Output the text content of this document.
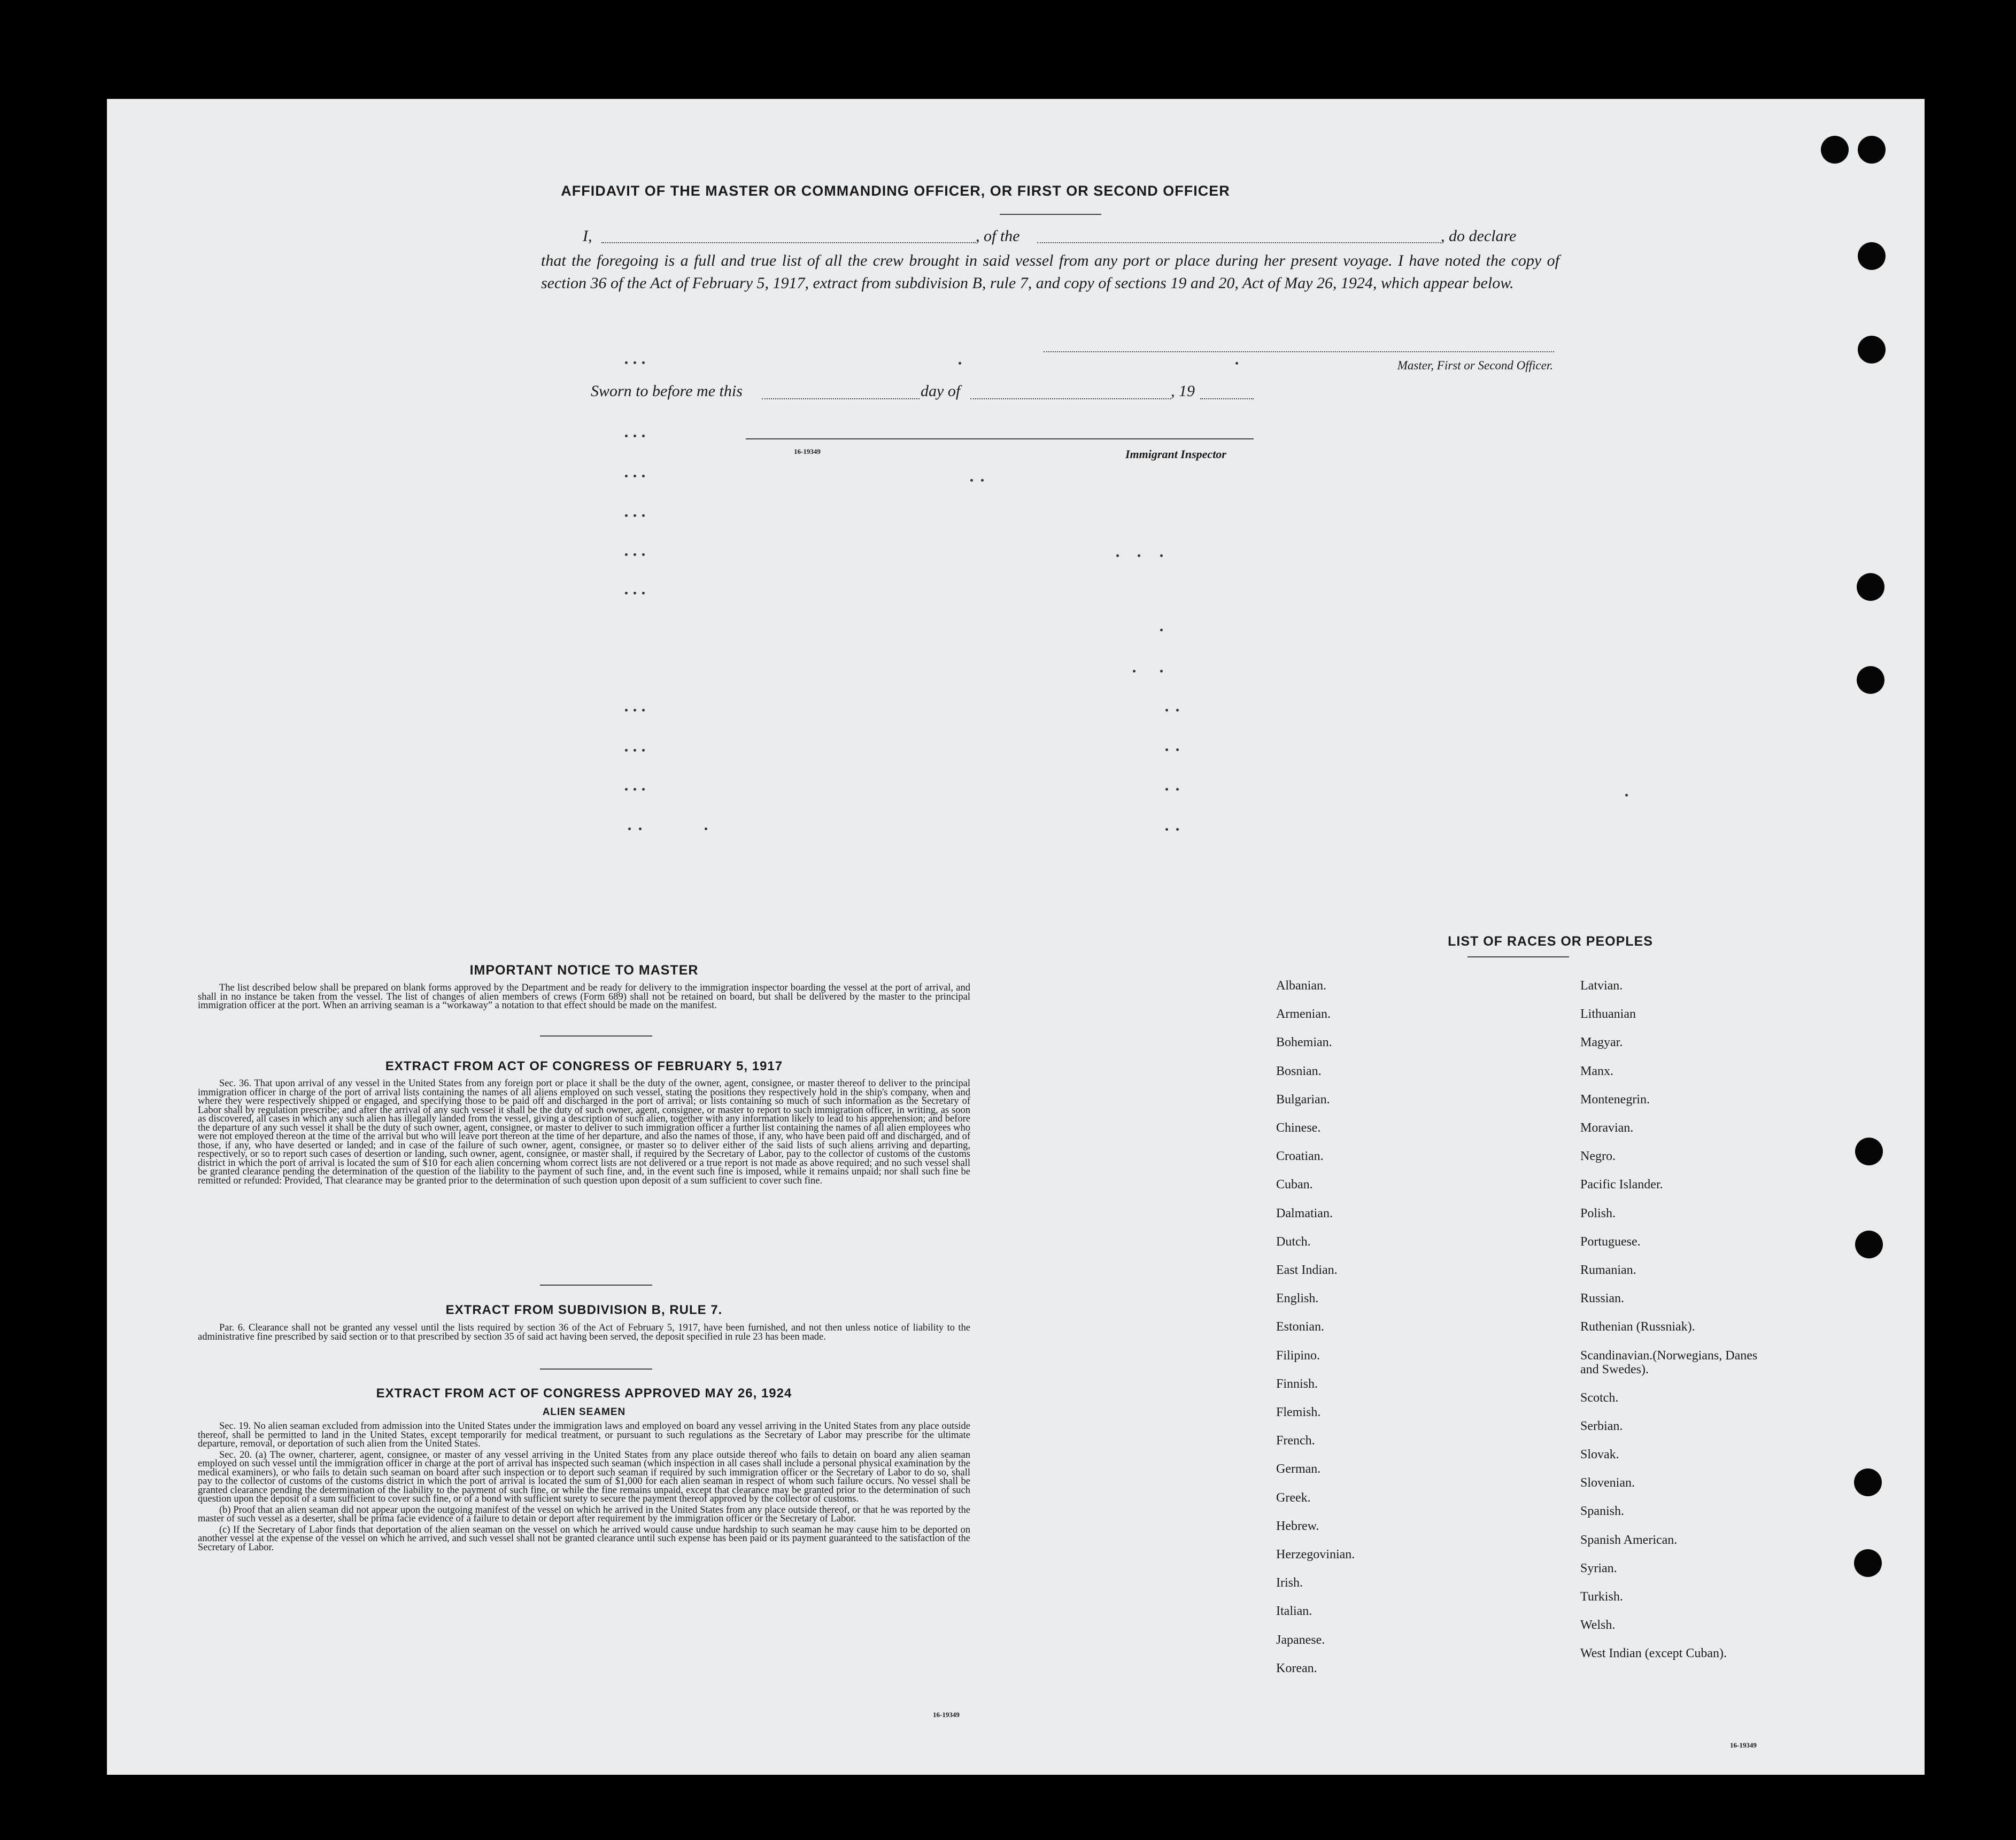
AFFIDAVIT OF THE MASTER OR COMMANDING OFFICER, OR FIRST OR SECOND OFFICER
I,	, of the	, do declare
that the foregoing is a full and true list of all the crew brought in said vessel from any port or place during her present voyage. I have noted the copy of section 36 of the Act of February 5, 1917, extract from subdivision B, rule 7, and copy of sections 19 and 20, Act of May 26, 1924, which appear below.
Master, First or Second Officer.
Sworn to before me this	day of	, 19
16-19349	Immigrant Inspector
IMPORTANT NOTICE TO MASTER
The list described below shall be prepared on blank forms approved by the Department and be ready for delivery to the immigration inspector boarding the vessel at the port of arrival, and shall in no instance be taken from the vessel. The list of changes of alien members of crews (Form 689) shall not be retained on board, but shall be delivered by the master to the principal immigration officer at the port. When an arriving seaman is a “workaway” a notation to that effect should be made on the manifest.
EXTRACT FROM ACT OF CONGRESS OF FEBRUARY 5, 1917
Sec. 36. That upon arrival of any vessel in the United States from any foreign port or place it shall be the duty of the owner, agent, consignee, or master thereof to deliver to the principal immigration officer in charge of the port of arrival lists containing the names of all aliens employed on such vessel, stating the positions they respectively hold in the ship's company, when and where they were respectively shipped or engaged, and specifying those to be paid off and discharged in the port of arrival; or lists containing so much of such information as the Secretary of Labor shall by regulation prescribe; and after the arrival of any such vessel it shall be the duty of such owner, agent, consignee, or master to report to such immigration officer, in writing, as soon as discovered, all cases in which any such alien has illegally landed from the vessel, giving a description of such alien, together with any information likely to lead to his apprehension; and before the departure of any such vessel it shall be the duty of such owner, agent, consignee, or master to deliver to such immigration officer a further list containing the names of all alien employees who were not employed thereon at the time of the arrival but who will leave port thereon at the time of her departure, and also the names of those, if any, who have been paid off and discharged, and of those, if any, who have deserted or landed; and in case of the failure of such owner, agent, consignee, or master so to deliver either of the said lists of such aliens arriving and departing, respectively, or so to report such cases of desertion or landing, such owner, agent, consignee, or master shall, if required by the Secretary of Labor, pay to the collector of customs of the customs district in which the port of arrival is located the sum of $10 for each alien concerning whom correct lists are not delivered or a true report is not made as above required; and no such vessel shall be granted clearance pending the determination of the question of the liability to the payment of such fine, and, in the event such fine is imposed, while it remains unpaid; nor shall such fine be remitted or refunded: Provided, That clearance may be granted prior to the determination of such question upon deposit of a sum sufficient to cover such fine.
EXTRACT FROM SUBDIVISION B, RULE 7.
Par. 6. Clearance shall not be granted any vessel until the lists required by section 36 of the Act of February 5, 1917, have been furnished, and not then unless notice of liability to the administrative fine prescribed by said section or to that prescribed by section 35 of said act having been served, the deposit specified in rule 23 has been made.
EXTRACT FROM ACT OF CONGRESS APPROVED MAY 26, 1924
ALIEN SEAMEN

Sec. 19. No alien seaman excluded from admission into the United States under the immigration laws and employed on board any vessel arriving in the United States from any place outside thereof, shall be permitted to land in the United States, except temporarily for medical treatment, or pursuant to such regulations as the Secretary of Labor may prescribe for the ultimate departure, removal, or deportation of such alien from the United States.

Sec. 20. (a) The owner, charterer, agent, consignee, or master of any vessel arriving in the United States from any place outside thereof who fails to detain on board any alien seaman employed on such vessel until the immigration officer in charge at the port of arrival has inspected such seaman (which inspection in all cases shall include a personal physical examination by the medical examiners), or who fails to detain such seaman on board after such inspection or to deport such seaman if required by such immigration officer or the Secretary of Labor to do so, shall pay to the collector of customs of the customs district in which the port of arrival is located the sum of $1,000 for each alien seaman in respect of whom such failure occurs. No vessel shall be granted clearance pending the determination of the liability to the payment of such fine, or while the fine remains unpaid, except that clearance may be granted prior to the determination of such question upon the deposit of a sum sufficient to cover such fine, or of a bond with sufficient surety to secure the payment thereof approved by the collector of customs.

(b) Proof that an alien seaman did not appear upon the outgoing manifest of the vessel on which he arrived in the United States from any place outside thereof, or that he was reported by the master of such vessel as a deserter, shall be prima facie evidence of a failure to detain or deport after requirement by the immigration officer or the Secretary of Labor.

(c) If the Secretary of Labor finds that deportation of the alien seaman on the vessel on which he arrived would cause undue hardship to such seaman he may cause him to be deported on another vessel at the expense of the vessel on which he arrived, and such vessel shall not be granted clearance until such expense has been paid or its payment guaranteed to the satisfaction of the Secretary of Labor.

16-19349
LIST OF RACES OR PEOPLES
Albanian.
Armenian.
Bohemian.
Bosnian.
Bulgarian.
Chinese.
Croatian.
Cuban.
Dalmatian.
Dutch.
East Indian.
English.
Estonian.
Filipino.
Finnish.
Flemish.
French.
German.
Greek.
Hebrew.
Herzegovinian.
Irish.
Italian.
Japanese.
Korean.
Latvian.
Lithuanian
Magyar.
Manx.
Montenegrin.
Moravian.
Negro.
Pacific Islander.
Polish.
Portuguese.
Rumanian.
Russian.
Ruthenian (Russniak).
Scandinavian.(Norwegians, Danes and Swedes).
Scotch.
Serbian.
Slovak.
Slovenian.
Spanish.
Spanish American.
Syrian.
Turkish.
Welsh.
West Indian (except Cuban).
16-19349
